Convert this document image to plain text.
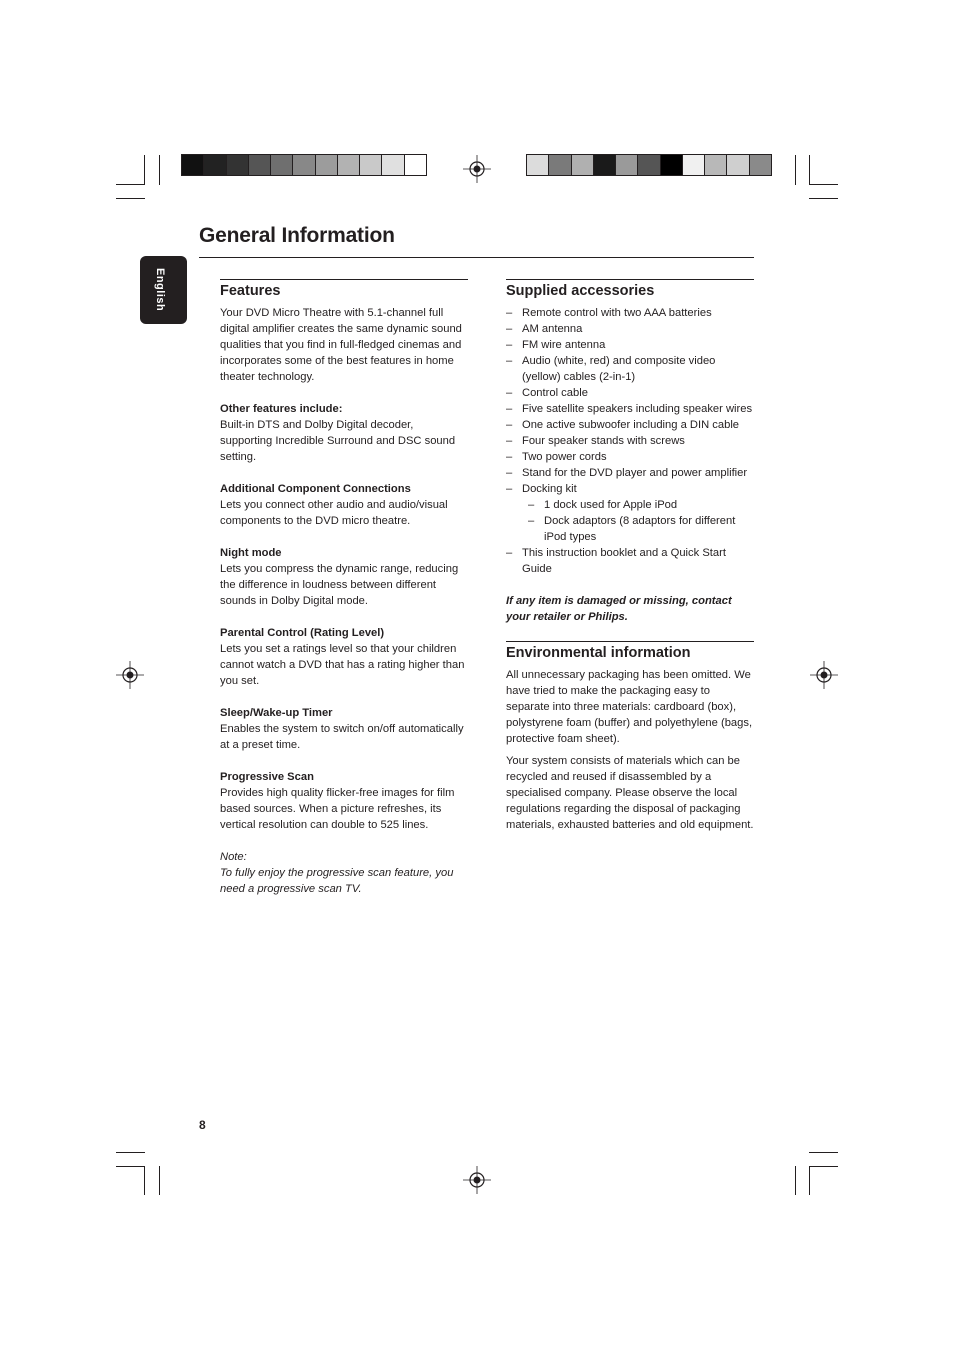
General Information
English	Features

Your DVD Micro Theatre with 5.1-channel full digital amplifier creates the same dynamic sound qualities that you find in full-fledged cinemas and incorporates some of the best features in home theater technology.

Other features include:

Built-in DTS and Dolby Digital decoder, supporting Incredible Surround and DSC sound setting.

Additional Component Connections

Lets you connect other audio and audio/visual components to the DVD micro theatre.

Night mode

Lets you compress the dynamic range, reducing the difference in loudness between different sounds in Dolby Digital mode.

Parental Control (Rating Level)

Lets you set a ratings level so that your children cannot watch a DVD that has a rating higher than you set.

Sleep/Wake-up Timer

Enables the system to switch on/off automatically at a preset time.

Progressive Scan

Provides high quality flicker-free images for film based sources. When a picture refreshes, its vertical resolution can double to 525 lines.

Note:

To fully enjoy the progressive scan feature, you need a progressive scan TV.

Supplied accessories
– Remote control with two AAA batteries
– AM antenna
– FM wire antenna
– Audio (white, red) and composite video (yellow) cables (2-in-1)
– Control cable
– Five satellite speakers including speaker wires
– One active subwoofer including a DIN cable
– Four speaker stands with screws
– Two power cords
– Stand for the DVD player and power amplifier
– Docking kit
– 1 dock used for Apple iPod
– Dock adaptors (8 adaptors for different iPod types
– This instruction booklet and a Quick Start Guide

If any item is damaged or missing, contact your retailer or Philips.

Environmental information

All unnecessary packaging has been omitted. We have tried to make the packaging easy to separate into three materials: cardboard (box), polystyrene foam (buffer) and polyethylene (bags, protective foam sheet).

Your system consists of materials which can be recycled and reused if disassembled by a specialised company. Please observe the local regulations regarding the disposal of packaging materials, exhausted batteries and old equipment.

8
